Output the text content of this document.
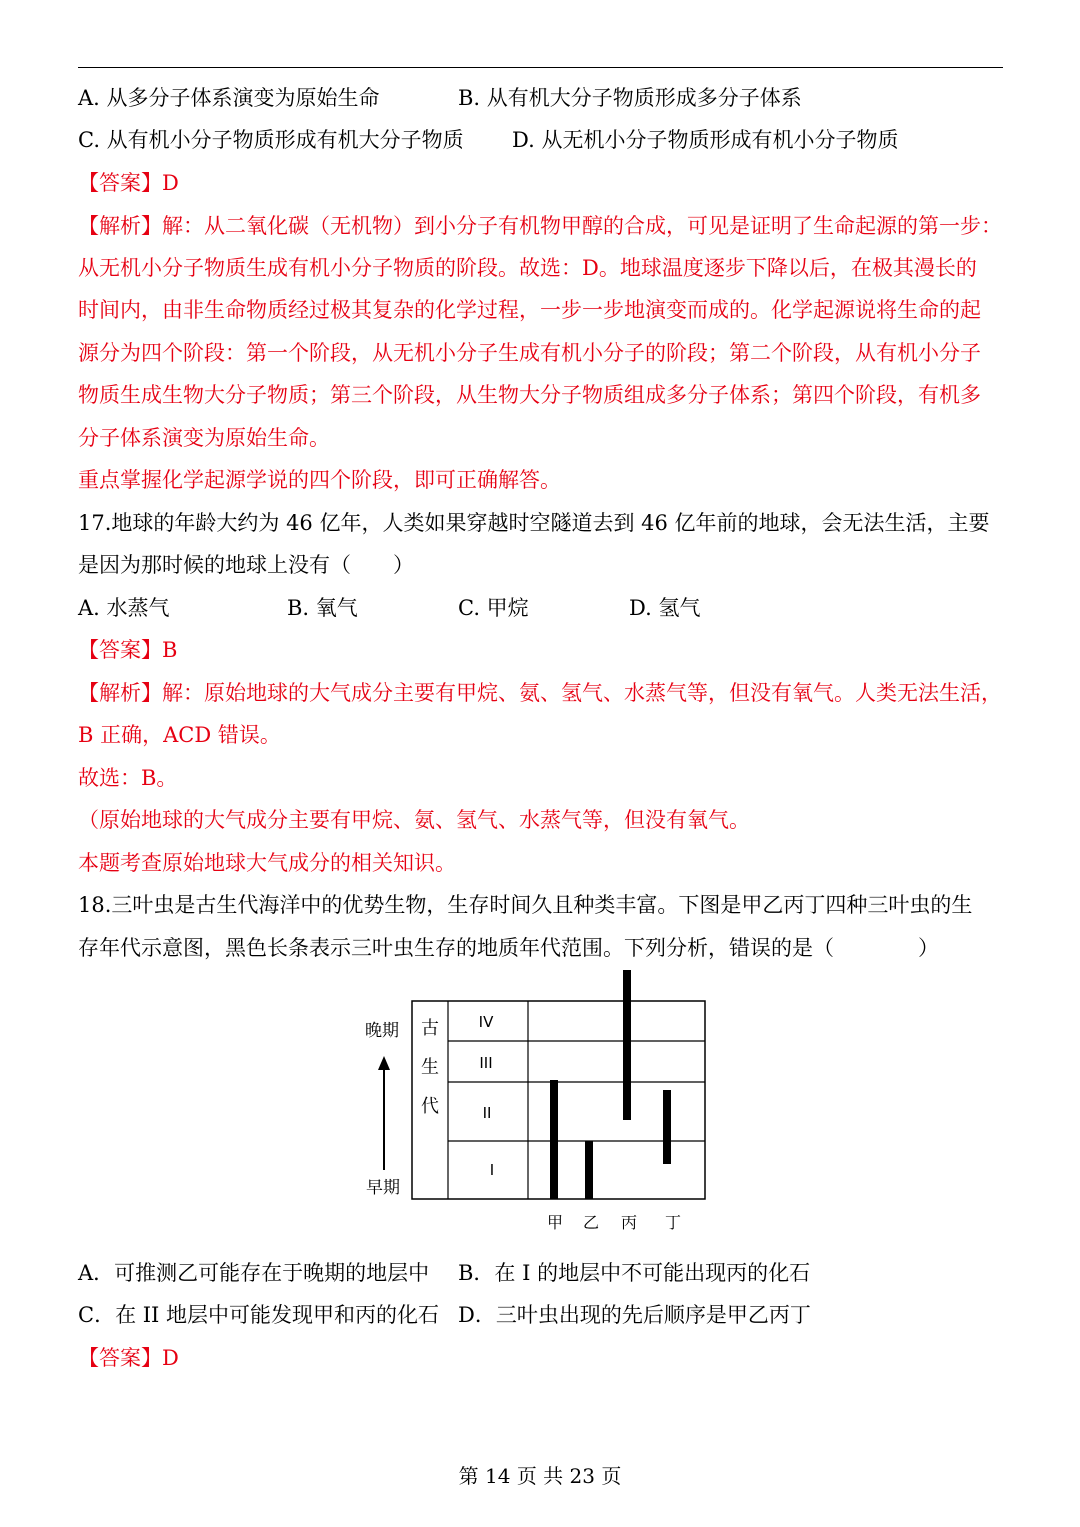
A. 从多分子体系演变为原始生命	B. 从有机大分子物质形成多分子体系
C. 从有机小分子物质形成有机大分子物质 D. 从无机小分子物质形成有机小分子物质
【答案】D
【解析】解：从二氧化碳（无机物）到小分子有机物甲醇的合成，可见是证明了生命起源的第一步：
从无机小分子物质生成有机小分子物质的阶段。故选：D。地球温度逐步下降以后，在极其漫长的
时间内，由非生命物质经过极其复杂的化学过程，一步一步地演变而成的。化学起源说将生命的起
源分为四个阶段：第一个阶段，从无机小分子生成有机小分子的阶段；第二个阶段，从有机小分子
物质生成生物大分子物质；第三个阶段，从生物大分子物质组成多分子体系；第四个阶段，有机多
分子体系演变为原始生命。
重点掌握化学起源学说的四个阶段，即可正确解答。
17.地球的年龄大约为 46 亿年，人类如果穿越时空隧道去到 46 亿年前的地球，会无法生活，主要
是因为那时候的地球上没有（　　）
A. 水蒸气	B. 氧气	C. 甲烷	D. 氢气
【答案】B
【解析】解：原始地球的大气成分主要有甲烷、氨、氢气、水蒸气等，但没有氧气。人类无法生活，
B 正确，ACD 错误。
故选：B。
（原始地球的大气成分主要有甲烷、氨、氢气、水蒸气等，但没有氧气。
本题考查原始地球大气成分的相关知识。
18.三叶虫是古生代海洋中的优势生物，生存时间久且种类丰富。下图是甲乙丙丁四种三叶虫的生
存年代示意图，黑色长条表示三叶虫生存的地质年代范围。下列分析，错误的是（　　　　）
晚期
早期
古
生
代
IV
III
II
I
甲 乙 丙 丁
A．可推测乙可能存在于晚期的地层中 B．在 I 的地层中不可能出现丙的化石
C．在 II 地层中可能发现甲和丙的化石 D．三叶虫出现的先后顺序是甲乙丙丁
【答案】D
第 14 页 共 23 页
